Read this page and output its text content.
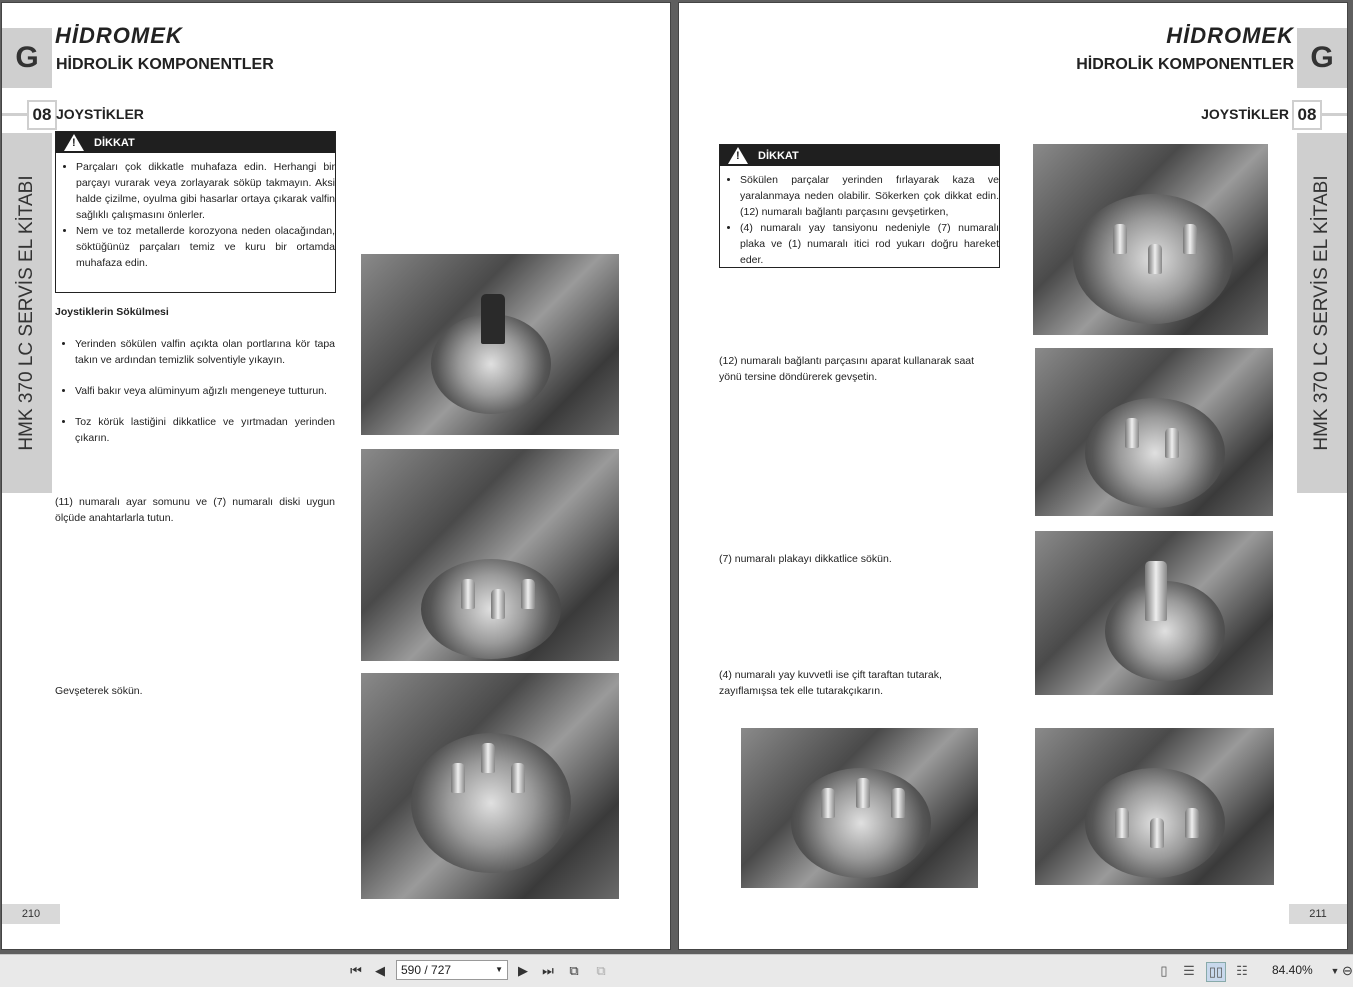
G
HMK 370 LC SERVİS EL KİTABI
08 JOYSTİKLER
HİDROMEK
HİDROLİK KOMPONENTLER
!
DİKKAT
• Parçaları çok dikkatle muhafaza edin. Herhangi bir parçayı vurarak veya zorlayarak söküp takmayın. Aksi halde çizilme, oyulma gibi hasarlar ortaya çıkarak valfin sağlıklı çalışmasını önlerler.
• Nem ve toz metallerde korozyona neden olacağından, söktüğünüz parçaları temiz ve kuru bir ortamda muhafaza edin.
Joystiklerin Sökülmesi
• Yerinden sökülen valfin açıkta olan portlarına kör tapa takın ve ardından temizlik solventiyle yıkayın.
• Valfi bakır veya alüminyum ağızlı mengeneye tutturun.
• Toz körük lastiğini dikkatlice ve yırtmadan yerinden çıkarın.
(11) numaralı ayar somunu ve (7) numaralı diski uygun ölçüde anahtarlarla tutun.
Gevşeterek sökün.
210
G
HMK 370 LC SERVİS EL KİTABI
08
JOYSTİKLER
HİDROMEK
HİDROLİK KOMPONENTLER
!
DİKKAT
• Sökülen parçalar yerinden fırlayarak kaza ve yaralanmaya neden olabilir. Sökerken çok dikkat edin. (12) numaralı bağlantı parçasını gevşetirken,
• (4) numaralı yay tansiyonu nedeniyle (7) numaralı plaka ve (1) numaralı itici rod yukarı doğru hareket eder.
(12) numaralı bağlantı parçasını aparat kullanarak saat yönü tersine döndürerek gevşetin.
(7) numaralı plakayı dikkatlice sökün.
(4) numaralı yay kuvvetli ise çift taraftan tutarak, zayıflamışsa tek elle tutarakçıkarın.
211
⏮ ◀ 590 / 727	▼ ▶ ⏭ ⧉ ⧉	▯ ☰ ▯▯ ☷ 84.40% ▼ ⊖
